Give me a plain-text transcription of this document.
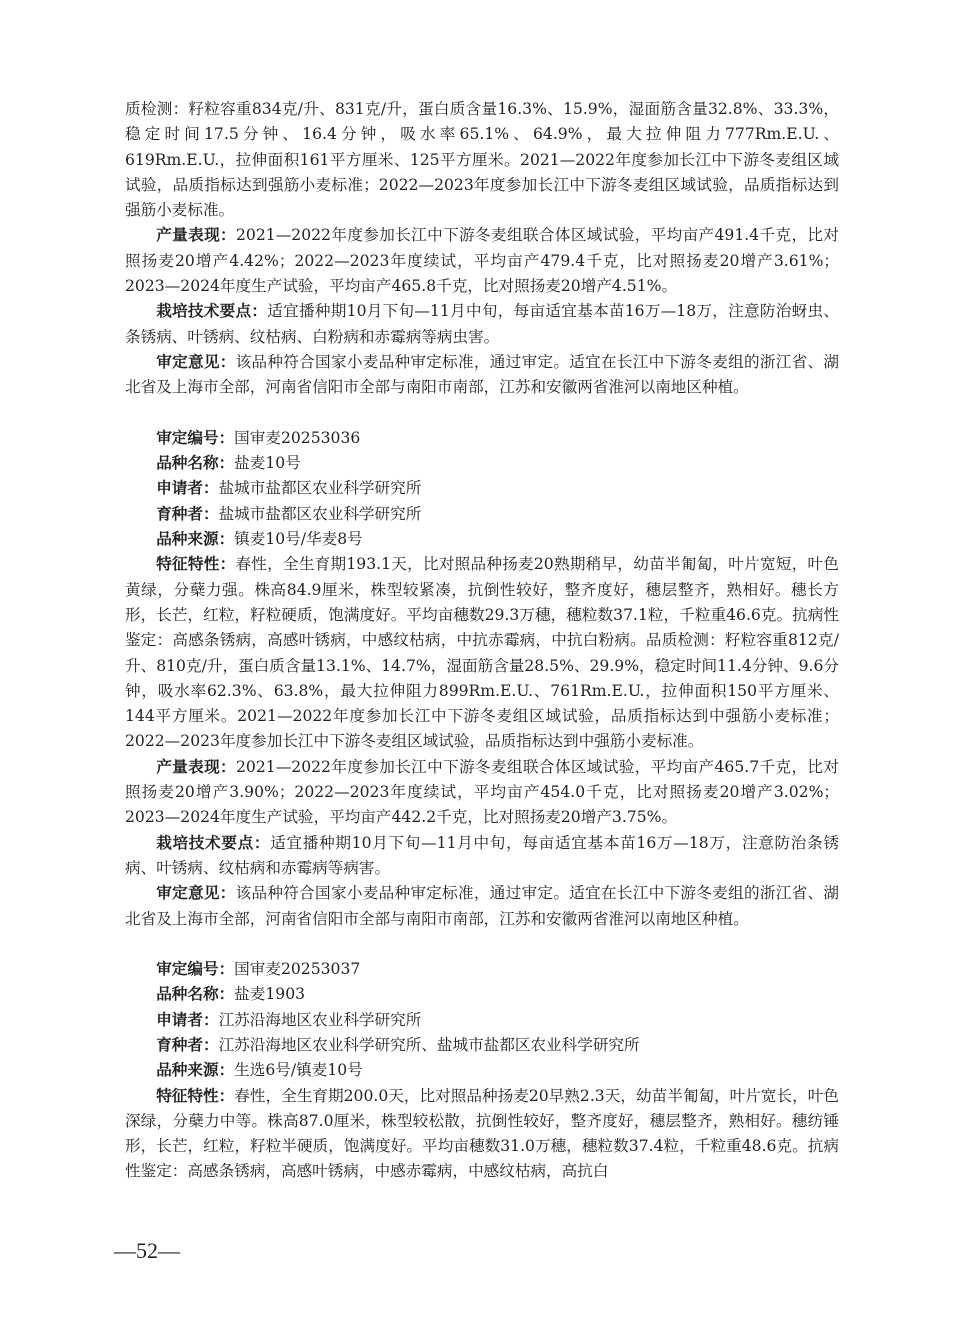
质检测：籽粒容重834克/升、831克/升，蛋白质含量16.3%、15.9%，湿面筋含量32.8%、33.3%，稳定时间17.5分钟、16.4分钟，吸水率65.1%、64.9%，最大拉伸阻力777Rm.E.U.、619Rm.E.U.，拉伸面积161平方厘米、125平方厘米。2021—2022年度参加长江中下游冬麦组区域试验，品质指标达到强筋小麦标准；2022—2023年度参加长江中下游冬麦组区域试验，品质指标达到强筋小麦标准。

产量表现：2021—2022年度参加长江中下游冬麦组联合体区域试验，平均亩产491.4千克，比对照扬麦20增产4.42%；2022—2023年度续试，平均亩产479.4千克，比对照扬麦20增产3.61%；2023—2024年度生产试验，平均亩产465.8千克，比对照扬麦20增产4.51%。

栽培技术要点：适宜播种期10月下旬—11月中旬，每亩适宜基本苗16万—18万，注意防治蚜虫、条锈病、叶锈病、纹枯病、白粉病和赤霉病等病虫害。

审定意见：该品种符合国家小麦品种审定标准，通过审定。适宜在长江中下游冬麦组的浙江省、湖北省及上海市全部，河南省信阳市全部与南阳市南部，江苏和安徽两省淮河以南地区种植。

审定编号：国审麦20253036

品种名称：盐麦10号

申请者：盐城市盐都区农业科学研究所

育种者：盐城市盐都区农业科学研究所

品种来源：镇麦10号/华麦8号

特征特性：春性，全生育期193.1天，比对照品种扬麦20熟期稍早，幼苗半匍匐，叶片宽短，叶色黄绿，分蘖力强。株高84.9厘米，株型较紧凑，抗倒性较好，整齐度好，穗层整齐，熟相好。穗长方形，长芒，红粒，籽粒硬质，饱满度好。平均亩穗数29.3万穗，穗粒数37.1粒，千粒重46.6克。抗病性鉴定：高感条锈病，高感叶锈病，中感纹枯病，中抗赤霉病，中抗白粉病。品质检测：籽粒容重812克/升、810克/升，蛋白质含量13.1%、14.7%，湿面筋含量28.5%、29.9%，稳定时间11.4分钟、9.6分钟，吸水率62.3%、63.8%，最大拉伸阻力899Rm.E.U.、761Rm.E.U.，拉伸面积150平方厘米、144平方厘米。2021—2022年度参加长江中下游冬麦组区域试验，品质指标达到中强筋小麦标准；2022—2023年度参加长江中下游冬麦组区域试验，品质指标达到中强筋小麦标准。

产量表现：2021—2022年度参加长江中下游冬麦组联合体区域试验，平均亩产465.7千克，比对照扬麦20增产3.90%；2022—2023年度续试，平均亩产454.0千克，比对照扬麦20增产3.02%；2023—2024年度生产试验，平均亩产442.2千克，比对照扬麦20增产3.75%。

栽培技术要点：适宜播种期10月下旬—11月中旬，每亩适宜基本苗16万—18万，注意防治条锈病、叶锈病、纹枯病和赤霉病等病害。

审定意见：该品种符合国家小麦品种审定标准，通过审定。适宜在长江中下游冬麦组的浙江省、湖北省及上海市全部，河南省信阳市全部与南阳市南部，江苏和安徽两省淮河以南地区种植。

审定编号：国审麦20253037

品种名称：盐麦1903

申请者：江苏沿海地区农业科学研究所

育种者：江苏沿海地区农业科学研究所、盐城市盐都区农业科学研究所

品种来源：生选6号/镇麦10号

特征特性：春性，全生育期200.0天，比对照品种扬麦20早熟2.3天，幼苗半匍匐，叶片宽长，叶色深绿，分蘖力中等。株高87.0厘米，株型较松散，抗倒性较好，整齐度好，穗层整齐，熟相好。穗纺锤形，长芒，红粒，籽粒半硬质，饱满度好。平均亩穗数31.0万穗，穗粒数37.4粒，千粒重48.6克。抗病性鉴定：高感条锈病，高感叶锈病，中感赤霉病，中感纹枯病，高抗白

—52—
